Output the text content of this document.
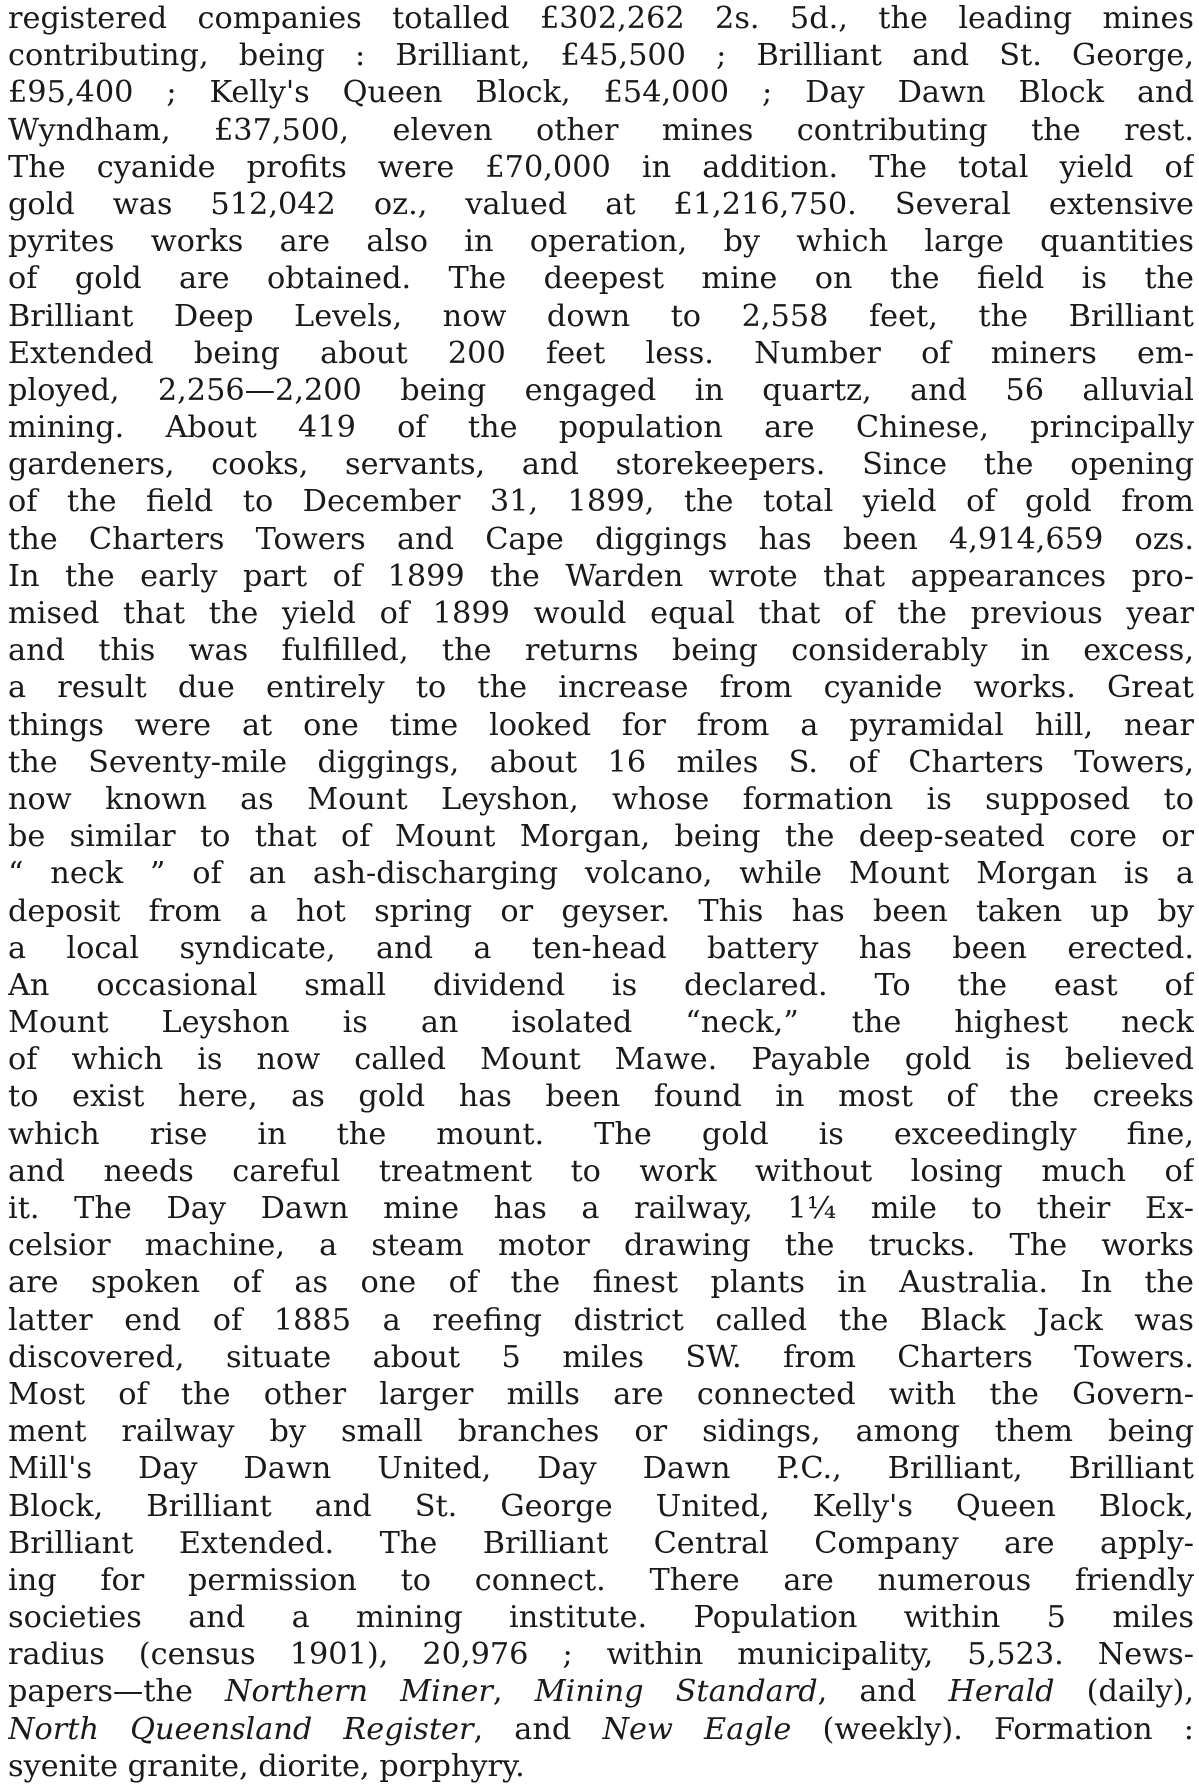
registered companies totalled £302,262 2s. 5d., the leading mines
contributing, being : Brilliant, £45,500 ; Brilliant and St. George,
£95,400 ; Kelly's Queen Block, £54,000 ; Day Dawn Block and
Wyndham, £37,500, eleven other mines contributing the rest.
The cyanide profits were £70,000 in addition. The total yield of
gold was 512,042 oz., valued at £1,216,750. Several extensive
pyrites works are also in operation, by which large quantities
of gold are obtained. The deepest mine on the field is the
Brilliant Deep Levels, now down to 2,558 feet, the Brilliant
Extended being about 200 feet less. Number of miners em-
ployed, 2,256—2,200 being engaged in quartz, and 56 alluvial
mining. About 419 of the population are Chinese, principally
gardeners, cooks, servants, and storekeepers. Since the opening
of the field to December 31, 1899, the total yield of gold from
the Charters Towers and Cape diggings has been 4,914,659 ozs.
In the early part of 1899 the Warden wrote that appearances pro-
mised that the yield of 1899 would equal that of the previous year
and this was fulfilled, the returns being considerably in excess,
a result due entirely to the increase from cyanide works. Great
things were at one time looked for from a pyramidal hill, near
the Seventy-mile diggings, about 16 miles S. of Charters Towers,
now known as Mount Leyshon, whose formation is supposed to
be similar to that of Mount Morgan, being the deep-seated core or
“ neck ” of an ash-discharging volcano, while Mount Morgan is a
deposit from a hot spring or geyser. This has been taken up by
a local syndicate, and a ten-head battery has been erected.
An occasional small dividend is declared. To the east of
Mount Leyshon is an isolated “neck,” the highest neck
of which is now called Mount Mawe. Payable gold is believed
to exist here, as gold has been found in most of the creeks
which rise in the mount. The gold is exceedingly fine,
and needs careful treatment to work without losing much of
it. The Day Dawn mine has a railway, 1¼ mile to their Ex-
celsior machine, a steam motor drawing the trucks. The works
are spoken of as one of the finest plants in Australia. In the
latter end of 1885 a reefing district called the Black Jack was
discovered, situate about 5 miles SW. from Charters Towers.
Most of the other larger mills are connected with the Govern-
ment railway by small branches or sidings, among them being
Mill's Day Dawn United, Day Dawn P.C., Brilliant, Brilliant
Block, Brilliant and St. George United, Kelly's Queen Block,
Brilliant Extended. The Brilliant Central Company are apply-
ing for permission to connect. There are numerous friendly
societies and a mining institute. Population within 5 miles
radius (census 1901), 20,976 ; within municipality, 5,523. News-
papers—the Northern Miner, Mining Standard, and Herald (daily),
North Queensland Register, and New Eagle (weekly). Formation :
syenite granite, diorite, porphyry.
